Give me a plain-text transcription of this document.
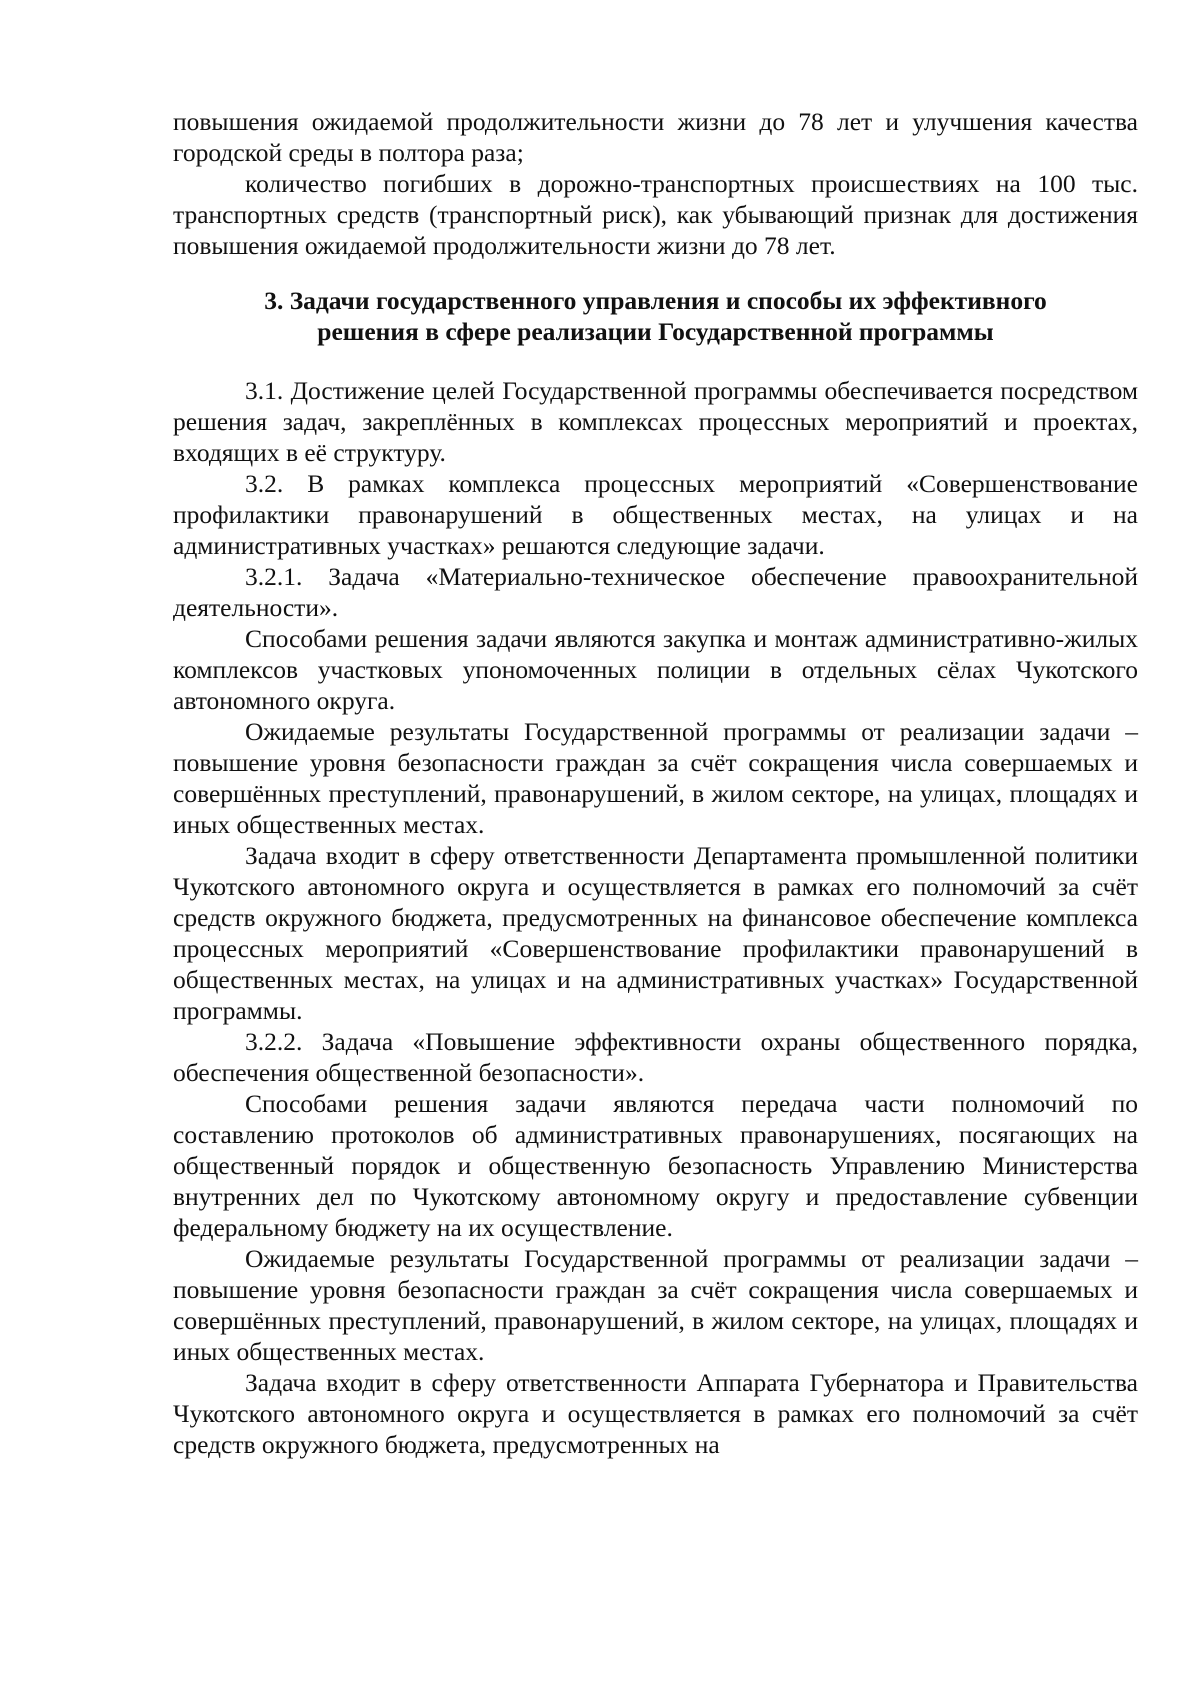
повышения ожидаемой продолжительности жизни до 78 лет и улучшения качества городской среды в полтора раза;

количество погибших в дорожно-транспортных происшествиях на 100 тыс. транспортных средств (транспортный риск), как убывающий признак для достижения повышения ожидаемой продолжительности жизни до 78 лет.

3. Задачи государственного управления и способы их эффективного
решения в сфере реализации Государственной программы

3.1. Достижение целей Государственной программы обеспечивается посредством решения задач, закреплённых в комплексах процессных мероприятий и проектах, входящих в её структуру.

3.2. В рамках комплекса процессных мероприятий «Совершенствование профилактики правонарушений в общественных местах, на улицах и на административных участках» решаются следующие задачи.

3.2.1. Задача «Материально-техническое обеспечение правоохранительной деятельности».

Способами решения задачи являются закупка и монтаж административно-жилых комплексов участковых упономоченных полиции в отдельных сёлах Чукотского автономного округа.

Ожидаемые результаты Государственной программы от реализации задачи – повышение уровня безопасности граждан за счёт сокращения числа совершаемых и совершённых преступлений, правонарушений, в жилом секторе, на улицах, площадях и иных общественных местах.

Задача входит в сферу ответственности Департамента промышленной политики Чукотского автономного округа и осуществляется в рамках его полномочий за счёт средств окружного бюджета, предусмотренных на финансовое обеспечение комплекса процессных мероприятий «Совершенствование профилактики правонарушений в общественных местах, на улицах и на административных участках» Государственной программы.

3.2.2. Задача «Повышение эффективности охраны общественного порядка, обеспечения общественной безопасности».

Способами решения задачи являются передача части полномочий по составлению протоколов об административных правонарушениях, посягающих на общественный порядок и общественную безопасность Управлению Министерства внутренних дел по Чукотскому автономному округу и предоставление субвенции федеральному бюджету на их осуществление.

Ожидаемые результаты Государственной программы от реализации задачи – повышение уровня безопасности граждан за счёт сокращения числа совершаемых и совершённых преступлений, правонарушений, в жилом секторе, на улицах, площадях и иных общественных местах.

Задача входит в сферу ответственности Аппарата Губернатора и Правительства Чукотского автономного округа и осуществляется в рамках его полномочий за счёт средств окружного бюджета, предусмотренных на
